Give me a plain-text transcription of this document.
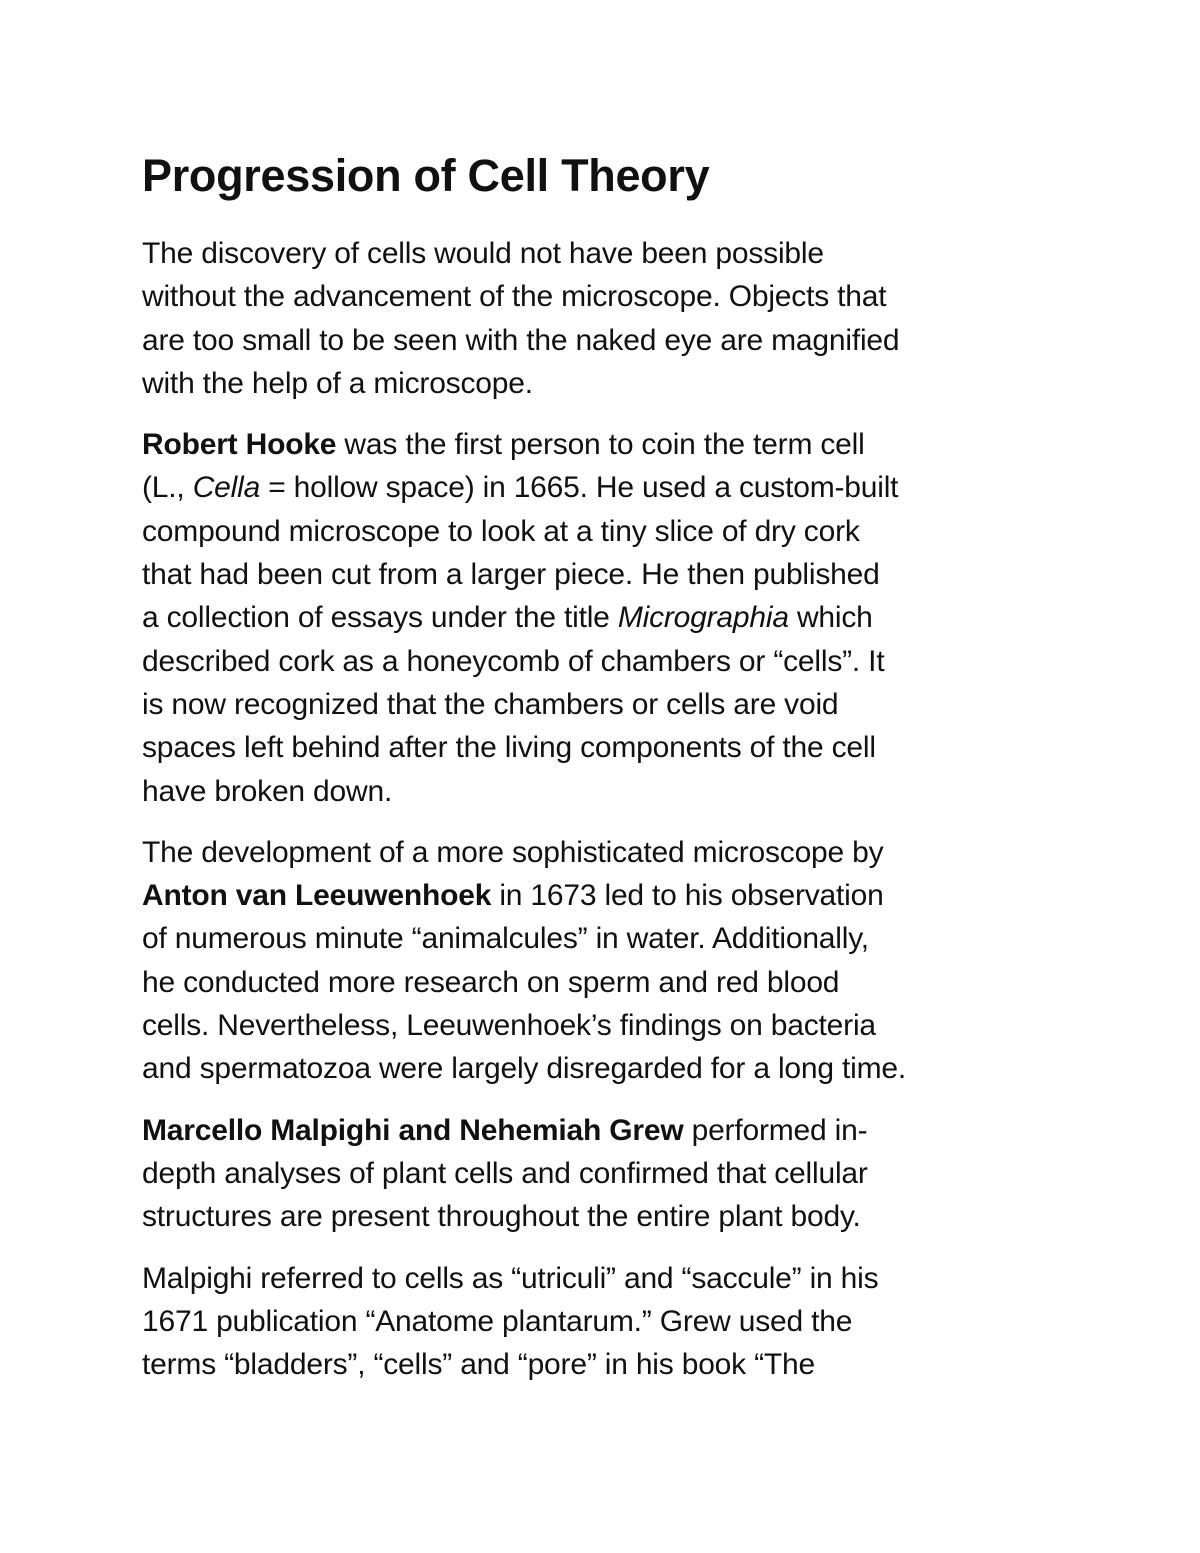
Progression of Cell Theory

The discovery of cells would not have been possible
without the advancement of the microscope. Objects that
are too small to be seen with the naked eye are magnified
with the help of a microscope.

Robert Hooke was the first person to coin the term cell
(L., Cella = hollow space) in 1665. He used a custom-built
compound microscope to look at a tiny slice of dry cork
that had been cut from a larger piece. He then published
a collection of essays under the title Micrographia which
described cork as a honeycomb of chambers or “cells”. It
is now recognized that the chambers or cells are void
spaces left behind after the living components of the cell
have broken down.

The development of a more sophisticated microscope by
Anton van Leeuwenhoek in 1673 led to his observation
of numerous minute “animalcules” in water. Additionally,
he conducted more research on sperm and red blood
cells. Nevertheless, Leeuwenhoek’s findings on bacteria
and spermatozoa were largely disregarded for a long time.

Marcello Malpighi and Nehemiah Grew performed in-
depth analyses of plant cells and confirmed that cellular
structures are present throughout the entire plant body.

Malpighi referred to cells as “utriculi” and “saccule” in his
1671 publication “Anatome plantarum.” Grew used the
terms “bladders”, “cells” and “pore” in his book “The
